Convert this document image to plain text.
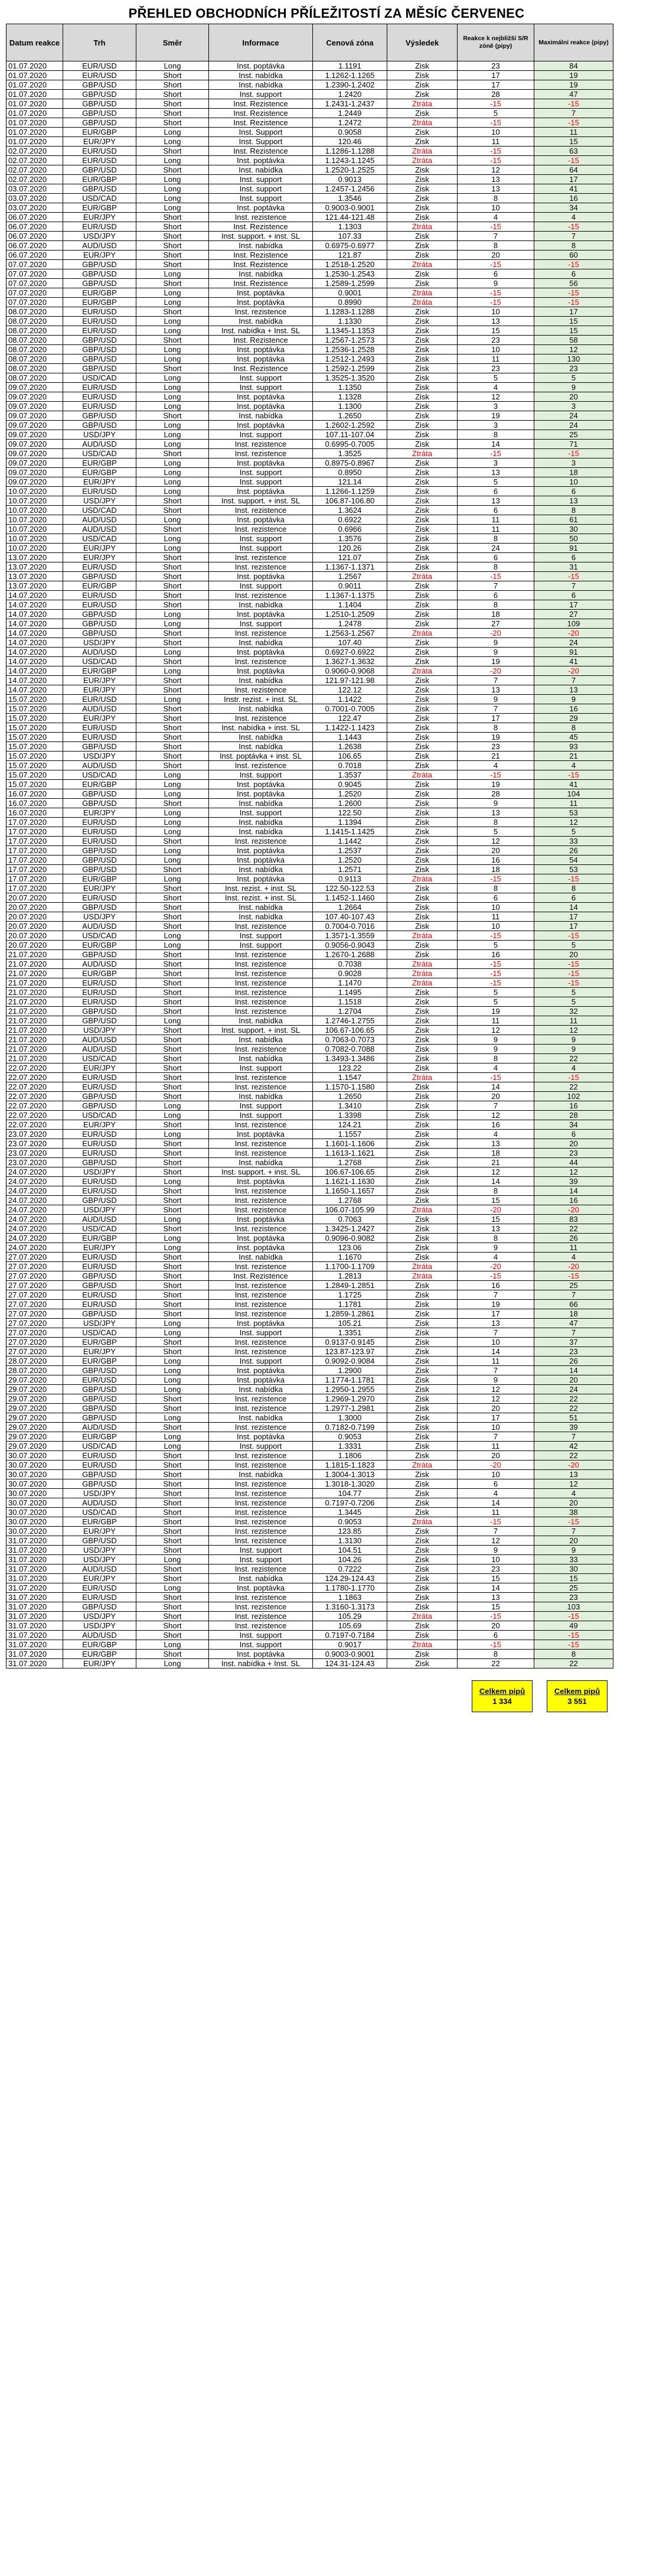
PŘEHLED OBCHODNÍCH PŘÍLEŽITOSTÍ ZA MĚSÍC ČERVENEC
Datum reakce	Trh	Směr	Informace	Cenová zóna	Výsledek	Reakce k nejbližší S/R zóně (pipy)	Maximální reakce (pipy)
01.07.2020	EUR/USD	Long	Inst. poptávka	1.1191	Zisk	23	84
01.07.2020	EUR/USD	Short	Inst. nabídka	1.1262-1.1265	Zisk	17	19
01.07.2020	GBP/USD	Short	Inst. nabídka	1.2390-1.2402	Zisk	17	19
01.07.2020	GBP/USD	Short	Inst. support	1.2420	Zisk	28	47
01.07.2020	GBP/USD	Short	Inst. Rezistence	1.2431-1.2437	Ztráta	-15	-15
01.07.2020	GBP/USD	Short	Inst. Rezistence	1.2449	Zisk	5	7
01.07.2020	GBP/USD	Short	Inst. Rezistence	1.2472	Ztráta	-15	-15
01.07.2020	EUR/GBP	Long	Inst. Support	0.9058	Zisk	10	11
01.07.2020	EUR/JPY	Long	Inst. Support	120.46	Zisk	11	15
02.07.2020	EUR/USD	Short	Inst. Rezistence	1.1286-1.1288	Ztráta	-15	63
02.07.2020	EUR/USD	Long	Inst. poptávka	1.1243-1.1245	Ztráta	-15	-15
02.07.2020	GBP/USD	Short	Inst. nabídka	1.2520-1.2525	Zisk	12	64
02.07.2020	EUR/GBP	Long	Inst. support	0.9013	Zisk	13	17
03.07.2020	GBP/USD	Long	Inst. support	1.2457-1.2456	Zisk	13	41
03.07.2020	USD/CAD	Long	Inst. support	1.3546	Zisk	8	16
03.07.2020	EUR/GBP	Long	Inst. poptávka	0.9003-0.9001	Zisk	10	34
06.07.2020	EUR/JPY	Short	Inst. rezistence	121.44-121.48	Zisk	4	4
06.07.2020	EUR/USD	Short	Inst. Rezistence	1.1303	Ztráta	-15	-15
06.07.2020	USD/JPY	Short	Inst. support. + inst. SL	107.33	Zisk	7	7
06.07.2020	AUD/USD	Short	Inst. nabídka	0.6975-0.6977	Zisk	8	8
06.07.2020	EUR/JPY	Short	Inst. Rezistence	121.87	Zisk	20	60
07.07.2020	GBP/USD	Short	Inst. Rezistence	1.2518-1.2520	Ztráta	-15	-15
07.07.2020	GBP/USD	Long	Inst. nabídka	1.2530-1.2543	Zisk	6	6
07.07.2020	GBP/USD	Short	Inst. Rezistence	1.2589-1.2599	Zisk	9	56
07.07.2020	EUR/GBP	Long	Inst. poptávka	0.9001	Ztráta	-15	-15
07.07.2020	EUR/GBP	Long	Inst. poptávka	0.8990	Ztráta	-15	-15
08.07.2020	EUR/USD	Short	Inst. rezistence	1.1283-1.1288	Zisk	10	17
08.07.2020	EUR/USD	Long	Inst. nabídka	1.1330	Zisk	13	15
08.07.2020	EUR/USD	Long	Inst. nabídka + Inst. SL	1.1345-1.1353	Zisk	15	15
08.07.2020	GBP/USD	Short	Inst. Rezistence	1.2567-1.2573	Zisk	23	58
08.07.2020	GBP/USD	Long	Inst. poptávka	1.2536-1.2528	Zisk	10	12
08.07.2020	GBP/USD	Long	Inst. poptávka	1.2512-1.2493	Zisk	11	130
08.07.2020	GBP/USD	Short	Inst. Rezistence	1.2592-1.2599	Zisk	23	23
08.07.2020	USD/CAD	Long	Inst. support	1.3525-1.3520	Zisk	5	5
09.07.2020	EUR/USD	Long	Inst. support	1.1350	Zisk	4	9
09.07.2020	EUR/USD	Long	Inst. poptávka	1.1328	Zisk	12	20
09.07.2020	EUR/USD	Long	Inst. poptávka	1.1300	Zisk	3	3
09.07.2020	GBP/USD	Short	Inst. nabídka	1.2650	Zisk	19	24
09.07.2020	GBP/USD	Long	Inst. poptávka	1.2602-1.2592	Zisk	3	24
09.07.2020	USD/JPY	Long	Inst. support	107.11-107.04	Zisk	8	25
09.07.2020	AUD/USD	Long	Inst. rezistence	0.6995-0.7005	Zisk	14	71
09.07.2020	USD/CAD	Short	Inst. rezistence	1.3525	Ztráta	-15	-15
09.07.2020	EUR/GBP	Long	Inst. poptávka	0.8975-0.8967	Zisk	3	3
09.07.2020	EUR/GBP	Long	Inst. support	0.8950	Zisk	13	18
09.07.2020	EUR/JPY	Long	Inst. support	121.14	Zisk	5	10
10.07.2020	EUR/USD	Long	Inst. poptávka	1.1266-1.1259	Zisk	6	6
10.07.2020	USD/JPY	Short	Inst. support. + inst. SL	106.87-106.80	Zisk	13	13
10.07.2020	USD/CAD	Short	Inst. rezistence	1.3624	Zisk	6	8
10.07.2020	AUD/USD	Long	Inst. poptávka	0.6922	Zisk	11	61
10.07.2020	AUD/USD	Short	Inst. rezistence	0.6966	Zisk	11	30
10.07.2020	USD/CAD	Long	Inst. support	1.3576	Zisk	8	50
10.07.2020	EUR/JPY	Long	Inst. support	120.26	Zisk	24	91
13.07.2020	EUR/JPY	Short	Inst. rezistence	121.07	Zisk	6	6
13.07.2020	EUR/USD	Short	Inst. rezistence	1.1367-1.1371	Zisk	8	31
13.07.2020	GBP/USD	Short	Inst. poptávka	1.2567	Ztráta	-15	-15
13.07.2020	EUR/GBP	Short	Inst. support	0.9011	Zisk	7	7
14.07.2020	EUR/USD	Short	Inst. rezistence	1.1367-1.1375	Zisk	6	6
14.07.2020	EUR/USD	Short	Inst. nabídka	1.1404	Zisk	8	17
14.07.2020	GBP/USD	Long	Inst. poptávka	1.2510-1.2509	Zisk	18	27
14.07.2020	GBP/USD	Long	Inst. support	1.2478	Zisk	27	109
14.07.2020	GBP/USD	Short	Inst. rezistence	1.2563-1.2567	Ztráta	-20	-20
14.07.2020	USD/JPY	Short	Inst. nabídka	107.40	Zisk	9	24
14.07.2020	AUD/USD	Long	Inst. poptávka	0.6927-0.6922	Zisk	9	91
14.07.2020	USD/CAD	Short	Inst. rezistence	1.3627-1.3632	Zisk	19	41
14.07.2020	EUR/GBP	Long	Inst. poptávka	0.9060-0.9068	Ztráta	-20	-20
14.07.2020	EUR/JPY	Short	Inst. nabídka	121.97-121.98	Zisk	7	7
14.07.2020	EUR/JPY	Short	Inst. rezistence	122.12	Zisk	13	13
15.07.2020	EUR/USD	Long	Instr. rezist. + inst. SL	1.1422	Zisk	9	9
15.07.2020	AUD/USD	Short	Inst. nabídka	0.7001-0.7005	Zisk	7	16
15.07.2020	EUR/JPY	Short	Inst. rezistence	122.47	Zisk	17	29
15.07.2020	EUR/USD	Short	Inst. nabídka + inst. SL	1.1422-1.1423	Zisk	8	8
15.07.2020	EUR/USD	Short	Inst. nabídka	1.1443	Zisk	19	45
15.07.2020	GBP/USD	Short	Inst. nabídka	1.2638	Zisk	23	93
15.07.2020	USD/JPY	Short	Inst. poptávka + inst. SL	106.65	Zisk	21	21
15.07.2020	AUD/USD	Short	Inst. rezistence	0.7018	Zisk	4	4
15.07.2020	USD/CAD	Long	Inst. support	1.3537	Ztráta	-15	-15
15.07.2020	EUR/GBP	Long	Inst. poptávka	0.9045	Zisk	19	41
16.07.2020	GBP/USD	Long	Inst. poptávka	1.2520	Zisk	28	104
16.07.2020	GBP/USD	Short	Inst. nabídka	1.2600	Zisk	9	11
16.07.2020	EUR/JPY	Long	Inst. support	122.50	Zisk	13	53
17.07.2020	EUR/USD	Long	Inst. nabídka	1.1394	Zisk	8	12
17.07.2020	EUR/USD	Long	Inst. nabídka	1.1415-1.1425	Zisk	5	5
17.07.2020	EUR/USD	Short	Inst. rezistence	1.1442	Zisk	12	33
17.07.2020	GBP/USD	Long	Inst. poptávka	1.2537	Zisk	20	26
17.07.2020	GBP/USD	Long	Inst. poptávka	1.2520	Zisk	16	54
17.07.2020	GBP/USD	Short	Inst. nabídka	1.2571	Zisk	18	53
17.07.2020	EUR/GBP	Long	Inst. poptávka	0.9113	Ztráta	-15	-15
17.07.2020	EUR/JPY	Short	Inst. rezist. + inst. SL	122.50-122.53	Zisk	8	8
20.07.2020	EUR/USD	Short	Inst. rezist. + inst. SL	1.1452-1.1460	Zisk	6	6
20.07.2020	GBP/USD	Short	Inst. nabídka	1.2664	Zisk	10	14
20.07.2020	USD/JPY	Short	Inst. nabídka	107.40-107.43	Zisk	11	17
20.07.2020	AUD/USD	Short	Inst. rezistence	0.7004-0.7016	Zisk	10	17
20.07.2020	USD/CAD	Long	Inst. support	1.3571-1.3559	Ztráta	-15	-15
20.07.2020	EUR/GBP	Long	Inst. support	0.9056-0.9043	Zisk	5	5
21.07.2020	GBP/USD	Short	Inst. rezistence	1.2670-1.2688	Zisk	16	20
21.07.2020	AUD/USD	Short	Inst. rezistence	0.7038	Ztráta	-15	-15
21.07.2020	EUR/GBP	Short	Inst. rezistence	0.9028	Ztráta	-15	-15
21.07.2020	EUR/USD	Short	Inst. rezistence	1.1470	Ztráta	-15	-15
21.07.2020	EUR/USD	Short	Inst. rezistence	1.1495	Zisk	5	5
21.07.2020	EUR/USD	Short	Inst. rezistence	1.1518	Zisk	5	5
21.07.2020	GBP/USD	Short	Inst. rezistence	1.2704	Zisk	19	32
21.07.2020	GBP/USD	Long	Inst. nabídka	1.2746-1.2755	Zisk	11	11
21.07.2020	USD/JPY	Short	Inst. support. + inst. SL	106.67-106.65	Zisk	12	12
21.07.2020	AUD/USD	Short	Inst. nabídka	0.7063-0.7073	Zisk	9	9
21.07.2020	AUD/USD	Short	Inst. rezistence	0.7082-0.7088	Zisk	9	9
21.07.2020	USD/CAD	Short	Inst. nabídka	1.3493-1.3486	Zisk	8	22
22.07.2020	EUR/JPY	Short	Inst. support	123.22	Zisk	4	4
22.07.2020	EUR/USD	Short	Inst. rezistence	1.1547	Ztráta	-15	-15
22.07.2020	EUR/USD	Short	Inst. rezistence	1.1570-1.1580	Zisk	14	22
22.07.2020	GBP/USD	Short	Inst. nabídka	1.2650	Zisk	20	102
22.07.2020	GBP/USD	Long	Inst. support	1.3410	Zisk	7	16
22.07.2020	USD/CAD	Long	Inst. support	1.3398	Zisk	12	28
22.07.2020	EUR/JPY	Short	Inst. rezistence	124.21	Zisk	16	34
23.07.2020	EUR/USD	Long	Inst. poptávka	1.1557	Zisk	4	6
23.07.2020	EUR/USD	Short	Inst. rezistence	1.1601-1.1606	Zisk	13	20
23.07.2020	EUR/USD	Short	Inst. rezistence	1.1613-1.1621	Zisk	18	23
23.07.2020	GBP/USD	Short	Inst. nabídka	1.2768	Zisk	21	44
24.07.2020	USD/JPY	Short	Inst. support. + inst. SL	106.67-106.65	Zisk	12	12
24.07.2020	EUR/USD	Long	Inst. poptávka	1.1621-1.1630	Zisk	14	39
24.07.2020	EUR/USD	Short	Inst. rezistence	1.1650-1.1657	Zisk	8	14
24.07.2020	GBP/USD	Short	Inst. rezistence	1.2768	Zisk	15	16
24.07.2020	USD/JPY	Short	Inst. rezistence	106.07-105.99	Ztráta	-20	-20
24.07.2020	AUD/USD	Long	Inst. poptávka	0.7063	Zisk	15	83
24.07.2020	USD/CAD	Short	Inst. rezistence	1.3425-1.2427	Zisk	13	22
24.07.2020	EUR/GBP	Long	Inst. poptávka	0.9096-0.9082	Zisk	8	26
24.07.2020	EUR/JPY	Long	Inst. poptávka	123.06	Zisk	9	11
27.07.2020	EUR/USD	Short	Inst. nabídka	1.1670	Zisk	4	4
27.07.2020	EUR/USD	Short	Inst. rezistence	1.1700-1.1709	Ztráta	-20	-20
27.07.2020	GBP/USD	Short	Inst. Rezistence	1.2813	Ztráta	-15	-15
27.07.2020	GBP/USD	Short	Inst. rezistence	1.2849-1.2851	Zisk	16	25
27.07.2020	EUR/USD	Short	Inst. rezistence	1.1725	Zisk	7	7
27.07.2020	EUR/USD	Short	Inst. rezistence	1.1781	Zisk	19	66
27.07.2020	GBP/USD	Short	Inst. rezistence	1.2859-1.2861	Zisk	17	18
27.07.2020	USD/JPY	Long	Inst. poptávka	105.21	Zisk	13	47
27.07.2020	USD/CAD	Long	Inst. support	1.3351	Zisk	7	7
27.07.2020	EUR/GBP	Short	Inst. rezistence	0.9137-0.9145	Zisk	10	37
27.07.2020	EUR/JPY	Short	Inst. rezistence	123.87-123.97	Zisk	14	23
28.07.2020	EUR/GBP	Long	Inst. support	0.9092-0.9084	Zisk	11	26
28.07.2020	GBP/USD	Long	Inst. poptávka	1.2900	Zisk	7	14
29.07.2020	EUR/USD	Long	Inst. poptávka	1.1774-1.1781	Zisk	9	20
29.07.2020	GBP/USD	Long	Inst. nabídka	1.2950-1.2955	Zisk	12	24
29.07.2020	GBP/USD	Short	Inst. rezistence	1.2969-1.2970	Zisk	12	22
29.07.2020	GBP/USD	Short	Inst. rezistence	1.2977-1.2981	Zisk	20	22
29.07.2020	GBP/USD	Long	Inst. nabídka	1.3000	Zisk	17	51
29.07.2020	AUD/USD	Short	Inst. rezistence	0.7182-0.7199	Zisk	10	39
29.07.2020	EUR/GBP	Long	Inst. poptávka	0.9053	Zisk	7	7
29.07.2020	USD/CAD	Long	Inst. support	1.3331	Zisk	11	42
30.07.2020	EUR/USD	Short	Inst. rezistence	1.1806	Zisk	20	22
30.07.2020	EUR/USD	Short	Inst. rezistence	1.1815-1.1823	Ztráta	-20	-20
30.07.2020	GBP/USD	Short	Inst. nabídka	1.3004-1.3013	Zisk	10	13
30.07.2020	GBP/USD	Short	Inst. rezistence	1.3018-1.3020	Zisk	6	12
30.07.2020	USD/JPY	Short	Inst. rezistence	104.77	Zisk	4	4
30.07.2020	AUD/USD	Short	Inst. rezistence	0.7197-0.7206	Zisk	14	20
30.07.2020	USD/CAD	Short	Inst. rezistence	1.3445	Zisk	11	38
30.07.2020	EUR/GBP	Short	Inst. rezistence	0.9053	Ztráta	-15	-15
30.07.2020	EUR/JPY	Short	Inst. rezistence	123.85	Zisk	7	7
31.07.2020	GBP/USD	Short	Inst. rezistence	1.3130	Zisk	12	20
31.07.2020	USD/JPY	Short	Inst. support	104.51	Zisk	9	9
31.07.2020	USD/JPY	Long	Inst. support	104.26	Zisk	10	33
31.07.2020	AUD/USD	Short	Inst. rezistence	0.7222	Zisk	23	30
31.07.2020	EUR/JPY	Short	Inst. nabídka	124.29-124.43	Zisk	15	15
31.07.2020	EUR/USD	Long	Inst. poptávka	1.1780-1.1770	Zisk	14	25
31.07.2020	EUR/USD	Short	Inst. rezistence	1.1863	Zisk	13	23
31.07.2020	GBP/USD	Short	Inst. rezistence	1.3160-1.3173	Zisk	15	103
31.07.2020	USD/JPY	Short	Inst. rezistence	105.29	Ztráta	-15	-15
31.07.2020	USD/JPY	Short	Inst. rezistence	105.69	Zisk	20	49
31.07.2020	AUD/USD	Short	Inst. support	0.7197-0.7184	Zisk	6	-15
31.07.2020	EUR/GBP	Long	Inst. support	0.9017	Ztráta	-15	-15
31.07.2020	EUR/GBP	Short	Inst. poptávka	0.9003-0.9001	Zisk	8	8
31.07.2020	EUR/JPY	Long	Inst. nabídka + Inst. SL	124.31-124.43	Zisk	22	22
Celkem pipů
1 334
Celkem pipů
3 551
